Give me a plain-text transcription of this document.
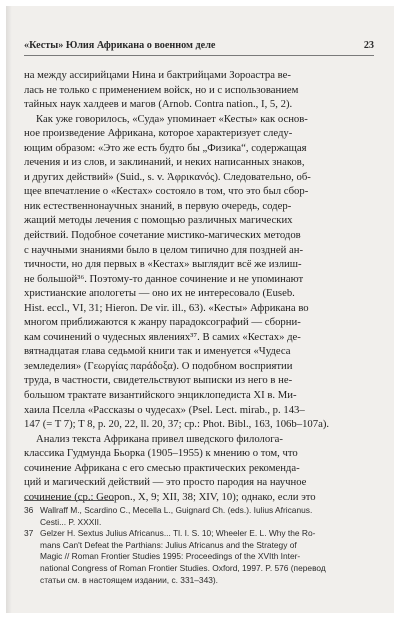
«Кесты» Юлия Африкана о военном деле	23
на между ассирийцами Нина и бактрийцами Зороастра ве-
лась не только с применением войск, но и с использованием
тайных наук халдеев и магов (Arnob. Contra nation., I, 5, 2).
Как уже говорилось, «Суда» упоминает «Кесты» как основ-
ное произведение Африкана, которое характеризует следу-
ющим образом: «Это же есть будто бы „Физика“, содержащая
лечения и из слов, и заклинаний, и неких написанных знаков,
и других действий» (Suid., s. v. Ἀφρικανός). Следовательно, об-
щее впечатление о «Кестах» состояло в том, что это был сбор-
ник естественнонаучных знаний, в первую очередь, содер-
жащий методы лечения с помощью различных магических
действий. Подобное сочетание мистико-магических методов
с научными знаниями было в целом типично для поздней ан-
тичности, но для первых в «Кестах» выглядит всё же излиш-
не большой³⁶. Поэтому-то данное сочинение и не упоминают
христианские апологеты — оно их не интересовало (Euseb.
Hist. eccl., VI, 31; Hieron. De vir. ill., 63). «Кесты» Африкана во
многом приближаются к жанру парадоксографий — сборни-
кам сочинений о чудесных явлениях³⁷. В самих «Кестах» де-
вятнадцатая глава седьмой книги так и именуется «Чудеса
земледелия» (Γεωργίας παράδοξα). О подобном восприятии
труда, в частности, свидетельствуют выписки из него в не-
большом трактате византийского энциклопедиста XI в. Ми-
хаила Пселла «Рассказы о чудесах» (Psel. Lect. mirab., p. 143–
147 (= T 7); T 8, p. 20, 22, ll. 20, 37; cp.: Phot. Bibl., 163, 106b–107a).
Анализ текста Африкана привел шведского филолога-
классика Гудмунда Бьорка (1905–1955) к мнению о том, что
сочинение Африкана с его смесью практических рекоменда-
ций и магический действий — это просто пародия на научное
сочинение (ср.: Geopon., X, 9; XII, 38; XIV, 10); однако, если это
36 Wallraff M., Scardino C., Mecella L., Guignard Ch. (eds.). Iulius Africanus.
Cesti... P. XXXII.
37 Gelzer H. Sextus Julius Africanus... Tl. I. S. 10; Wheeler E. L. Why the Ro-
mans Can't Defeat the Parthians: Julius Africanus and the Strategy of
Magic // Roman Frontier Studies 1995: Proceedings of the XVIth Inter-
national Congress of Roman Frontier Studies. Oxford, 1997. P. 576 (перевод
статьи см. в настоящем издании, с. 331–343).
